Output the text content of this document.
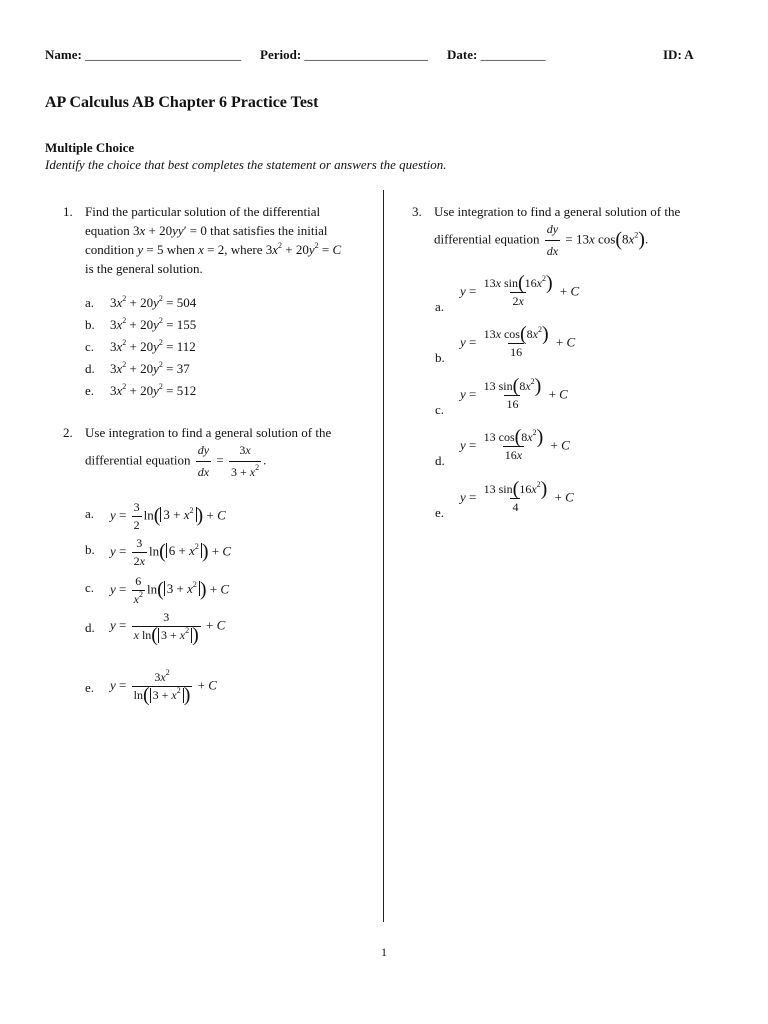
Name: ________________________ Period: ___________________ Date: __________	ID: A
AP Calculus AB Chapter 6 Practice Test
Multiple Choice
Identify the choice that best completes the statement or answers the question.
1. Find the particular solution of the differential
equation 3x + 20yy′ = 0 that satisfies the initial
condition y = 5 when x = 2, where $3x^2 + 20y^2 = C$
is the general solution.
a. $3x^2 + 20y^2 = 504$
b. $3x^2 + 20y^2 = 155$
c. $3x^2 + 20y^2 = 112$
d. $3x^2 + 20y^2 = 37$
e. $3x^2 + 20y^2 = 512$
2. Use integration to find a general solution of the
differential equation $\frac{dy}{dx} = \frac{3x}{3 + x^2}$ .
a. $y = \frac{3}{2} \ln$( $3 + x^2$ ) + C
b. $y = \frac{3}{2x} \ln$( $6 + x^2$ ) + C
c. $y = \frac{6}{x^2} \ln$( $3 + x^2$ ) + C
d. $y = \frac{3}{x \ln( 3 + x^2 )} + C$
e. $y = \frac{3x^2}{\ln( 3 + x^2 )} + C$
3. Use integration to find a general solution of the
differential equation $\frac{dy}{dx} = 13x$ $\cos(8x^2)$.
a.
$y = \frac{13x \sin(16x^2)}{2x} + C$
b.
$y = \frac{13x \cos(8x^2)}{16} + C$
c.
$y = \frac{13 \sin(8x^2)}{16} + C$
d.
$y = \frac{13 \cos(8x^2)}{16x} + C$
e.
$y = \frac{13 \sin(16x^2)}{4} + C$
1
